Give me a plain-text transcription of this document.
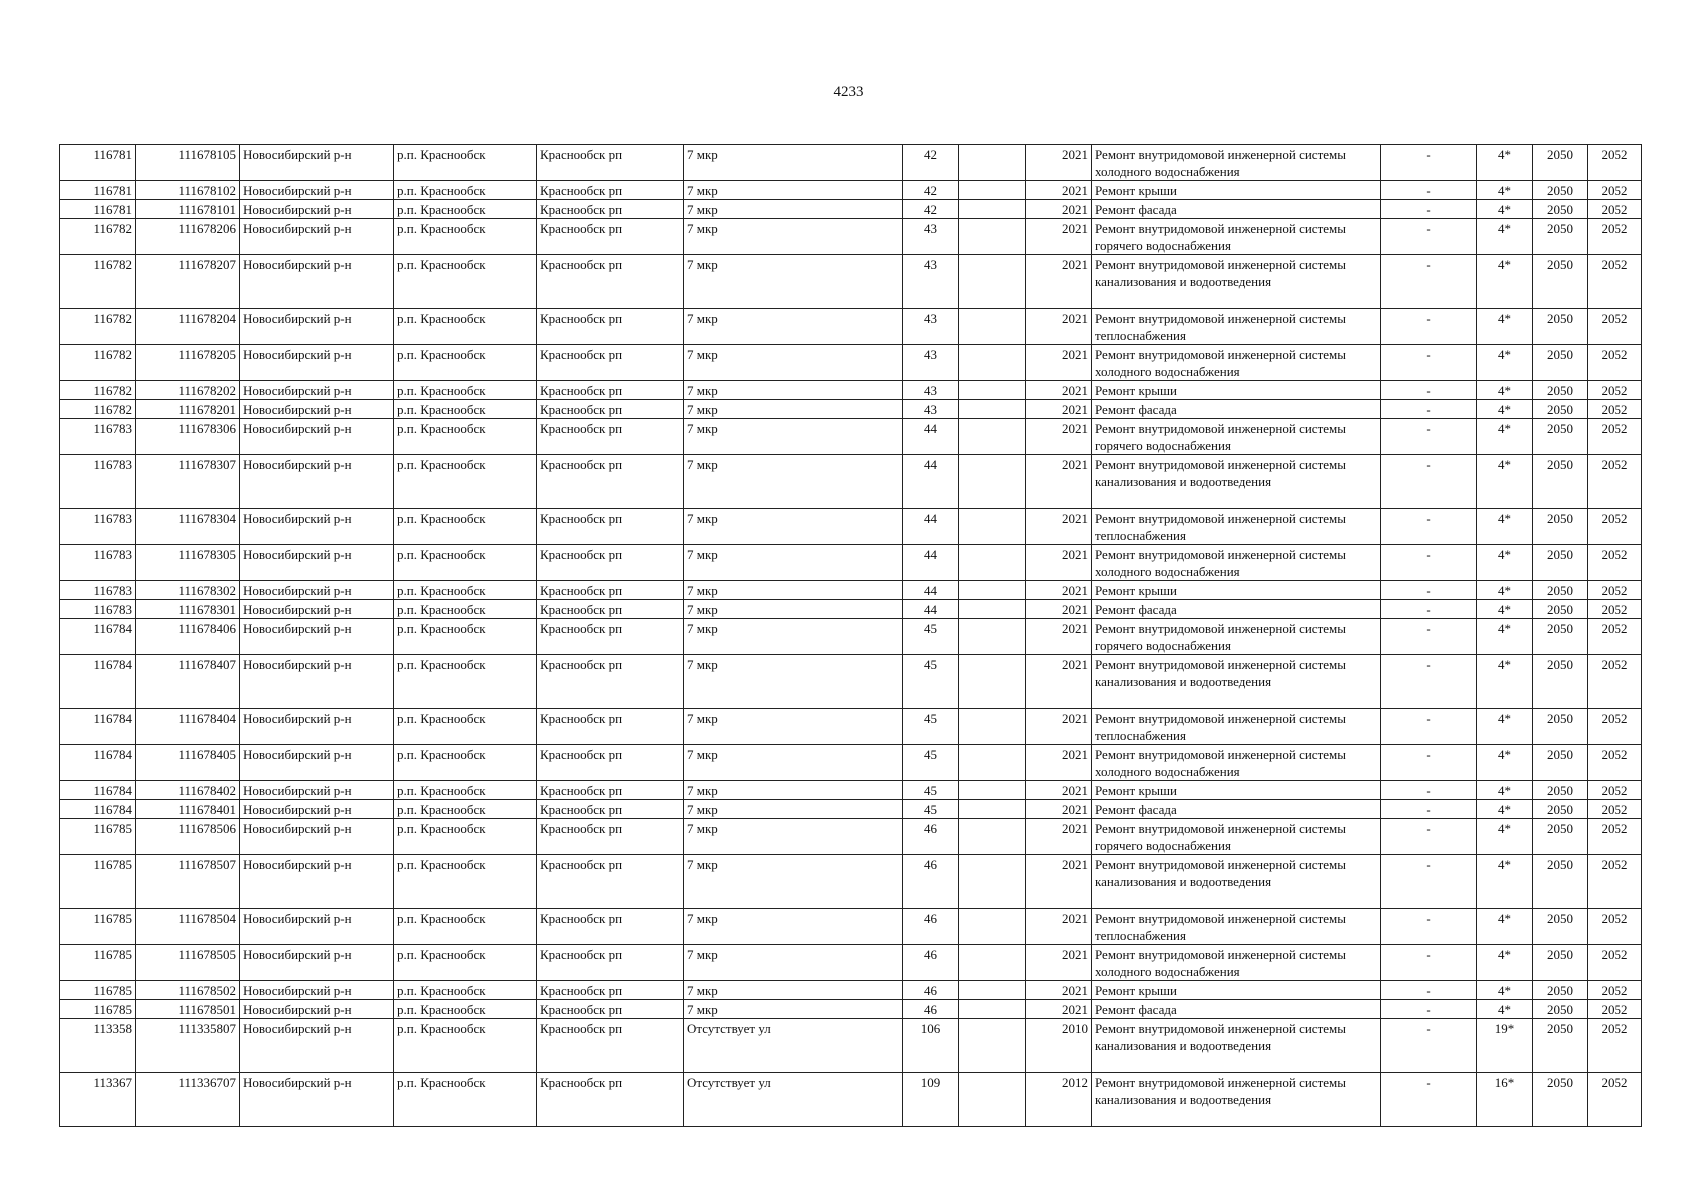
4233
116781	111678105	Новосибирский р-н	р.п. Краснообск	Краснообск рп	7 мкр	42		2021	Ремонт внутридомовой инженерной системы холодного водоснабжения	-	4*	2050	2052
116781	111678102	Новосибирский р-н	р.п. Краснообск	Краснообск рп	7 мкр	42		2021	Ремонт крыши	-	4*	2050	2052
116781	111678101	Новосибирский р-н	р.п. Краснообск	Краснообск рп	7 мкр	42		2021	Ремонт фасада	-	4*	2050	2052
116782	111678206	Новосибирский р-н	р.п. Краснообск	Краснообск рп	7 мкр	43		2021	Ремонт внутридомовой инженерной системы горячего водоснабжения	-	4*	2050	2052
116782	111678207	Новосибирский р-н	р.п. Краснообск	Краснообск рп	7 мкр	43		2021	Ремонт внутридомовой инженерной системы канализования и водоотведения	-	4*	2050	2052
116782	111678204	Новосибирский р-н	р.п. Краснообск	Краснообск рп	7 мкр	43		2021	Ремонт внутридомовой инженерной системы теплоснабжения	-	4*	2050	2052
116782	111678205	Новосибирский р-н	р.п. Краснообск	Краснообск рп	7 мкр	43		2021	Ремонт внутридомовой инженерной системы холодного водоснабжения	-	4*	2050	2052
116782	111678202	Новосибирский р-н	р.п. Краснообск	Краснообск рп	7 мкр	43		2021	Ремонт крыши	-	4*	2050	2052
116782	111678201	Новосибирский р-н	р.п. Краснообск	Краснообск рп	7 мкр	43		2021	Ремонт фасада	-	4*	2050	2052
116783	111678306	Новосибирский р-н	р.п. Краснообск	Краснообск рп	7 мкр	44		2021	Ремонт внутридомовой инженерной системы горячего водоснабжения	-	4*	2050	2052
116783	111678307	Новосибирский р-н	р.п. Краснообск	Краснообск рп	7 мкр	44		2021	Ремонт внутридомовой инженерной системы канализования и водоотведения	-	4*	2050	2052
116783	111678304	Новосибирский р-н	р.п. Краснообск	Краснообск рп	7 мкр	44		2021	Ремонт внутридомовой инженерной системы теплоснабжения	-	4*	2050	2052
116783	111678305	Новосибирский р-н	р.п. Краснообск	Краснообск рп	7 мкр	44		2021	Ремонт внутридомовой инженерной системы холодного водоснабжения	-	4*	2050	2052
116783	111678302	Новосибирский р-н	р.п. Краснообск	Краснообск рп	7 мкр	44		2021	Ремонт крыши	-	4*	2050	2052
116783	111678301	Новосибирский р-н	р.п. Краснообск	Краснообск рп	7 мкр	44		2021	Ремонт фасада	-	4*	2050	2052
116784	111678406	Новосибирский р-н	р.п. Краснообск	Краснообск рп	7 мкр	45		2021	Ремонт внутридомовой инженерной системы горячего водоснабжения	-	4*	2050	2052
116784	111678407	Новосибирский р-н	р.п. Краснообск	Краснообск рп	7 мкр	45		2021	Ремонт внутридомовой инженерной системы канализования и водоотведения	-	4*	2050	2052
116784	111678404	Новосибирский р-н	р.п. Краснообск	Краснообск рп	7 мкр	45		2021	Ремонт внутридомовой инженерной системы теплоснабжения	-	4*	2050	2052
116784	111678405	Новосибирский р-н	р.п. Краснообск	Краснообск рп	7 мкр	45		2021	Ремонт внутридомовой инженерной системы холодного водоснабжения	-	4*	2050	2052
116784	111678402	Новосибирский р-н	р.п. Краснообск	Краснообск рп	7 мкр	45		2021	Ремонт крыши	-	4*	2050	2052
116784	111678401	Новосибирский р-н	р.п. Краснообск	Краснообск рп	7 мкр	45		2021	Ремонт фасада	-	4*	2050	2052
116785	111678506	Новосибирский р-н	р.п. Краснообск	Краснообск рп	7 мкр	46		2021	Ремонт внутридомовой инженерной системы горячего водоснабжения	-	4*	2050	2052
116785	111678507	Новосибирский р-н	р.п. Краснообск	Краснообск рп	7 мкр	46		2021	Ремонт внутридомовой инженерной системы канализования и водоотведения	-	4*	2050	2052
116785	111678504	Новосибирский р-н	р.п. Краснообск	Краснообск рп	7 мкр	46		2021	Ремонт внутридомовой инженерной системы теплоснабжения	-	4*	2050	2052
116785	111678505	Новосибирский р-н	р.п. Краснообск	Краснообск рп	7 мкр	46		2021	Ремонт внутридомовой инженерной системы холодного водоснабжения	-	4*	2050	2052
116785	111678502	Новосибирский р-н	р.п. Краснообск	Краснообск рп	7 мкр	46		2021	Ремонт крыши	-	4*	2050	2052
116785	111678501	Новосибирский р-н	р.п. Краснообск	Краснообск рп	7 мкр	46		2021	Ремонт фасада	-	4*	2050	2052
113358	111335807	Новосибирский р-н	р.п. Краснообск	Краснообск рп	Отсутствует ул	106		2010	Ремонт внутридомовой инженерной системы канализования и водоотведения	-	19*	2050	2052
113367	111336707	Новосибирский р-н	р.п. Краснообск	Краснообск рп	Отсутствует ул	109		2012	Ремонт внутридомовой инженерной системы канализования и водоотведения	-	16*	2050	2052
